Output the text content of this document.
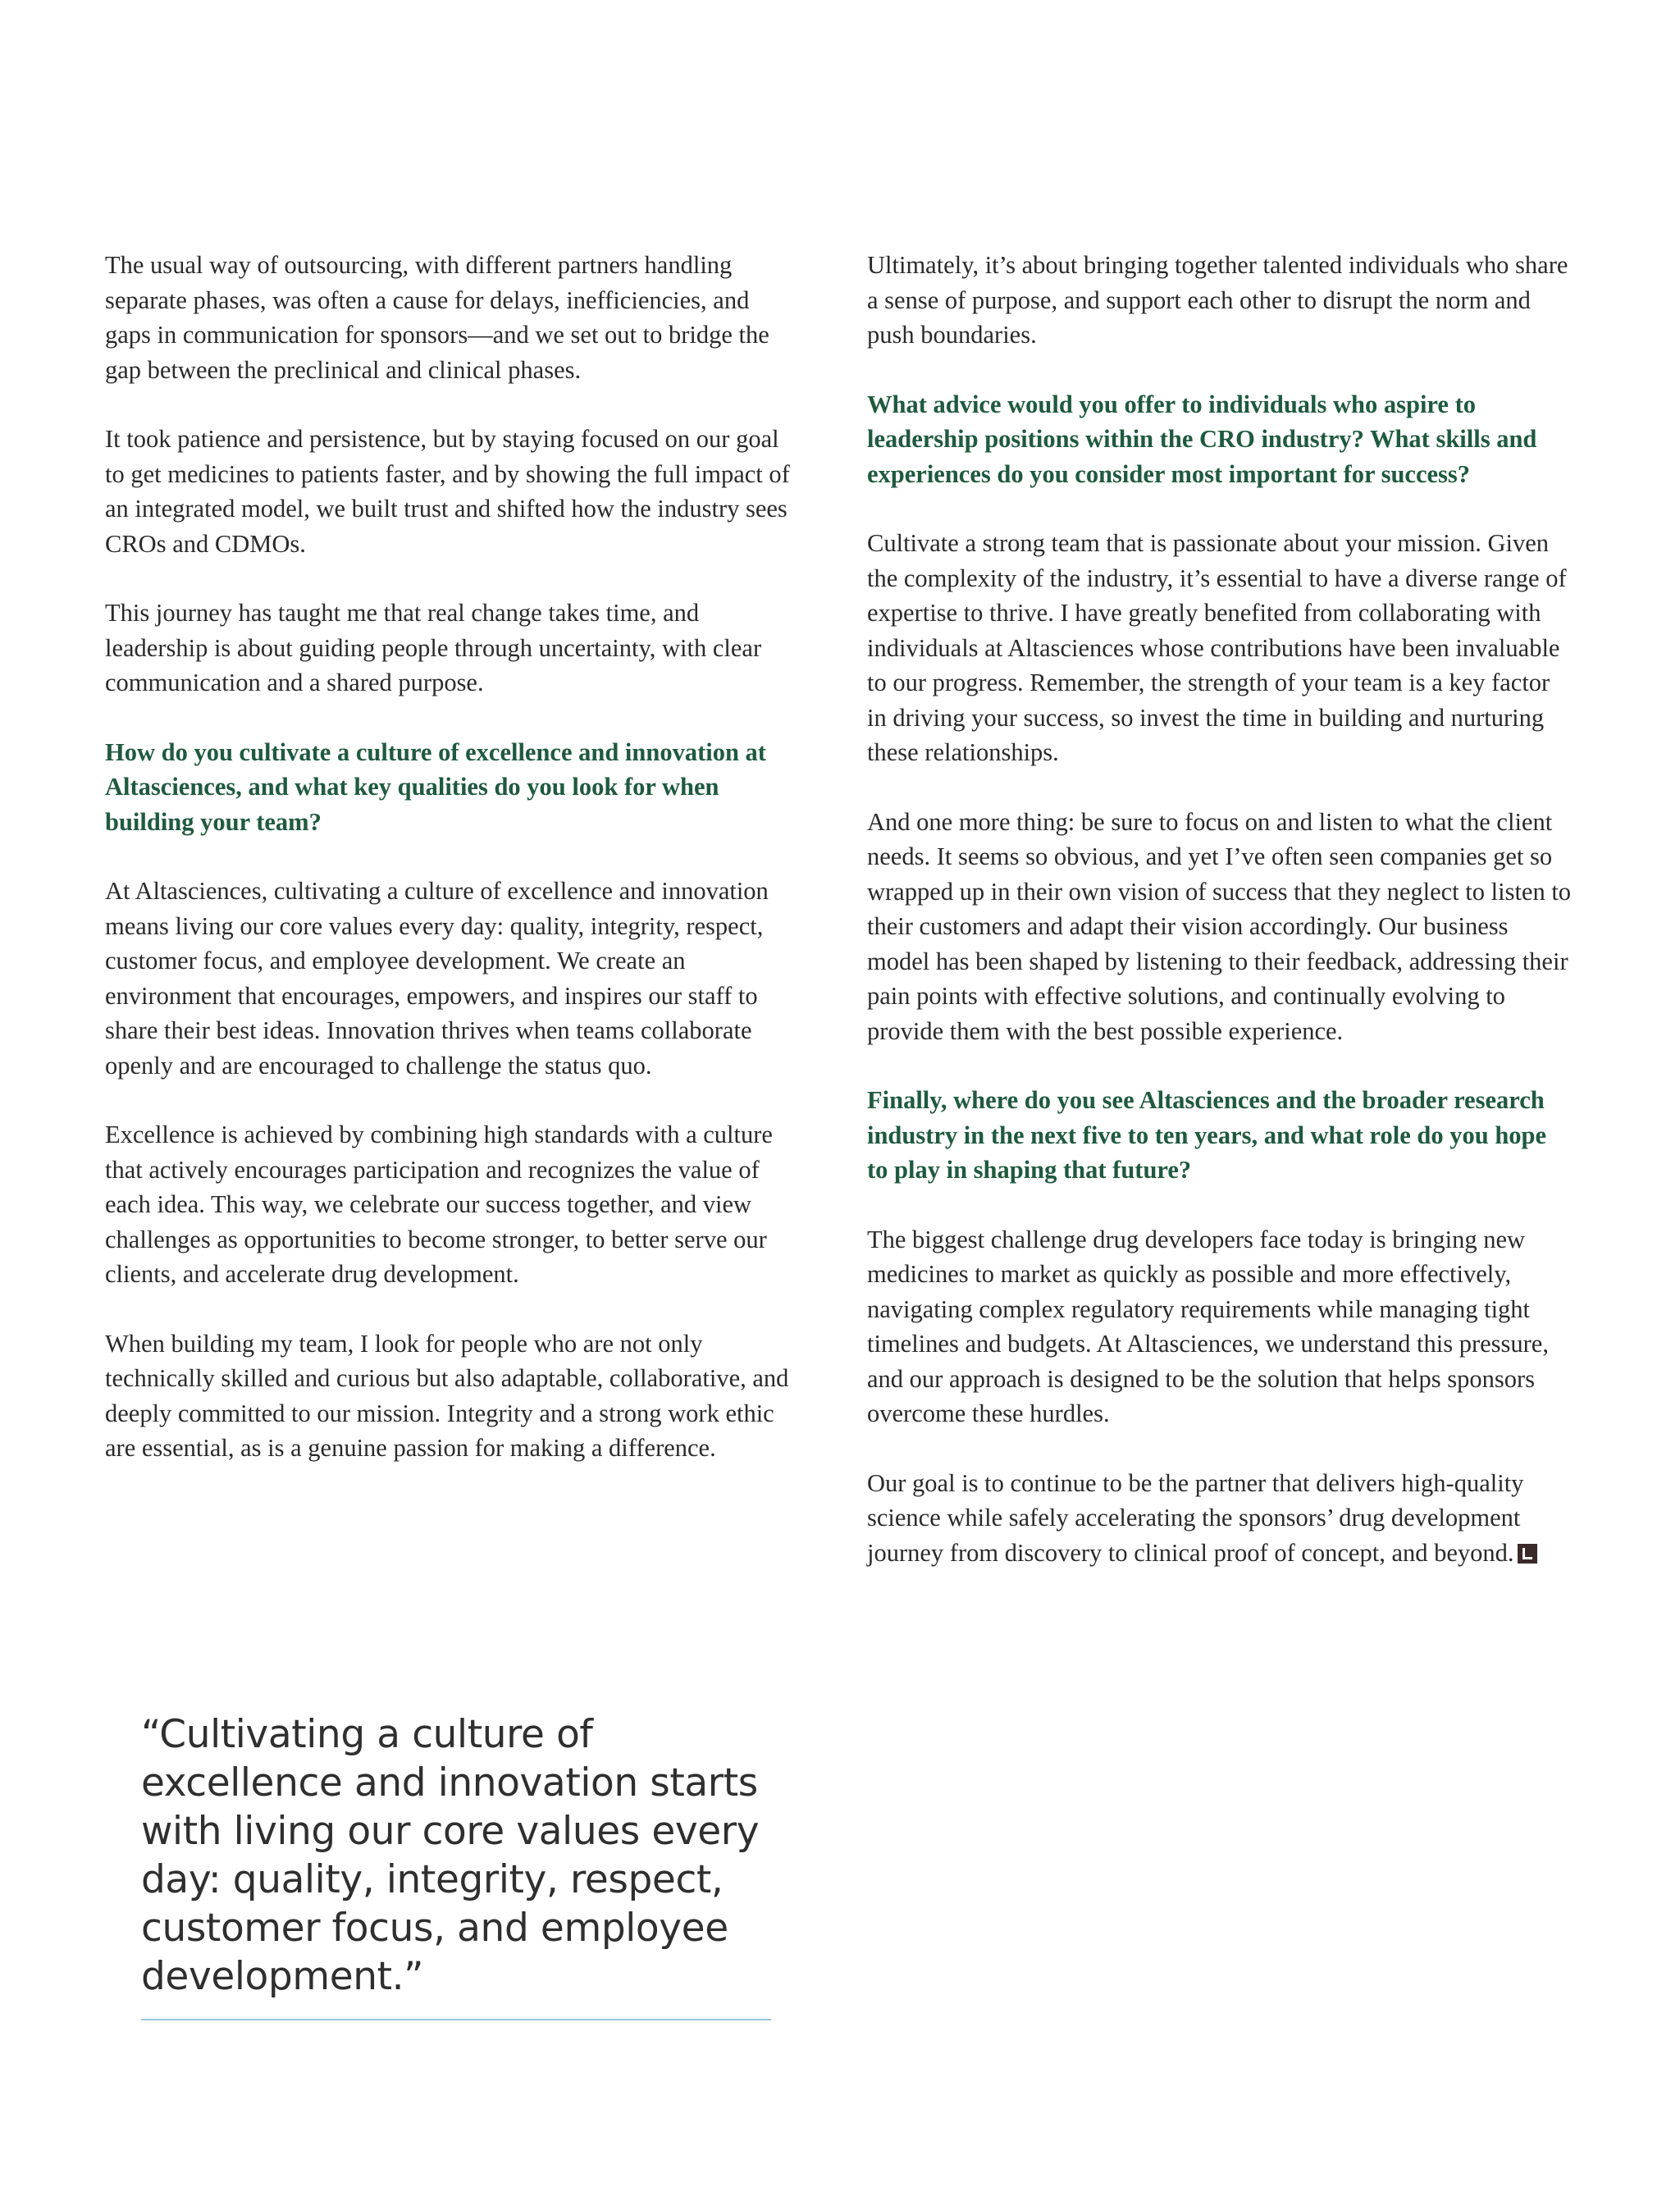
The usual way of outsourcing, with different partners handling separate phases, was often a cause for delays, inefficiencies, and gaps in communication for sponsors—and we set out to bridge the gap between the preclinical and clinical phases.

It took patience and persistence, but by staying focused on our goal to get medicines to patients faster, and by showing the full impact of an integrated model, we built trust and shifted how the industry sees CROs and CDMOs.

This journey has taught me that real change takes time, and leadership is about guiding people through uncertainty, with clear communication and a shared purpose.

How do you cultivate a culture of excellence and innovation at Altasciences, and what key qualities do you look for when building your team?

At Altasciences, cultivating a culture of excellence and innovation means living our core values every day: quality, integrity, respect, customer focus, and employee development. We create an environment that encourages, empowers, and inspires our staff to share their best ideas. Innovation thrives when teams collaborate openly and are encouraged to challenge the status quo.

Excellence is achieved by combining high standards with a culture that actively encourages participation and recognizes the value of each idea. This way, we celebrate our success together, and view challenges as opportunities to become stronger, to better serve our clients, and accelerate drug development.

When building my team, I look for people who are not only technically skilled and curious but also adaptable, collaborative, and deeply committed to our mission. Integrity and a strong work ethic are essential, as is a genuine passion for making a difference.

Ultimately, it’s about bringing together talented individuals who share a sense of purpose, and support each other to disrupt the norm and push boundaries.

What advice would you offer to individuals who aspire to leadership positions within the CRO industry? What skills and experiences do you consider most important for success?

Cultivate a strong team that is passionate about your mission. Given the complexity of the industry, it’s essential to have a diverse range of expertise to thrive. I have greatly benefited from collaborating with individuals at Altasciences whose contributions have been invaluable to our progress. Remember, the strength of your team is a key factor in driving your success, so invest the time in building and nurturing these relationships.

And one more thing: be sure to focus on and listen to what the client needs. It seems so obvious, and yet I’ve often seen companies get so wrapped up in their own vision of success that they neglect to listen to their customers and adapt their vision accordingly. Our business model has been shaped by listening to their feedback, addressing their pain points with effective solutions, and continually evolving to provide them with the best possible experience.

Finally, where do you see Altasciences and the broader research industry in the next five to ten years, and what role do you hope to play in shaping that future?

The biggest challenge drug developers face today is bringing new medicines to market as quickly as possible and more effectively, navigating complex regulatory requirements while managing tight timelines and budgets. At Altasciences, we understand this pressure, and our approach is designed to be the solution that helps sponsors overcome these hurdles.

Our goal is to continue to be the partner that delivers high-quality science while safely accelerating the sponsors’ drug development journey from discovery to clinical proof of concept, and beyond.

“Cultivating a culture of excellence and innovation starts with living our core values every day: quality, integrity, respect, customer focus, and employee development.”
